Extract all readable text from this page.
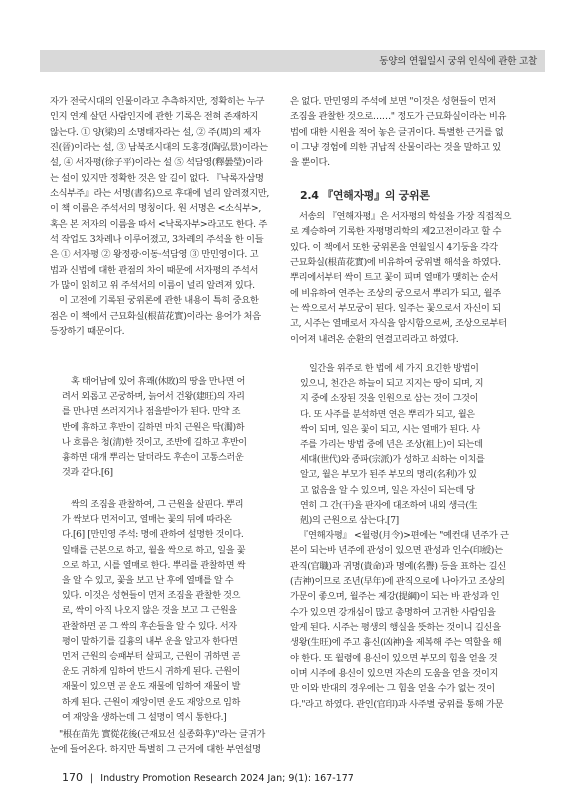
동양의 연월일시 궁위 인식에 관한 고찰
자가 전국시대의 인물이라고 추측하지만, 정확히는 누구
인지 연계 살던 사람인지에 관한 기록은 전혀 존재하지
않는다. ① 양(梁)의 소명태자라는 설, ② 주(周)의 제자
진(晉)이라는 설, ③ 남북조시대의 도홍경(陶弘景)이라는
설, ④ 서자평(徐子平)이라는 설 ⑤ 석담영(釋曇瑩)이라
는 설이 있지만 정확한 것은 알 길이 없다. 『낙록자삼명
소식부주』라는 서명(書名)으로 후대에 널리 알려졌지만,
이 책 이름은 주석서의 명칭이다. 원 서명은 <소식부>,
혹은 본 저자의 이름을 따서 <낙록자부>라고도 한다. 주
석 작업도 3차례나 이루어졌고, 3차례의 주석을 한 이들
은 ① 서자평 ② 왕정광·이동·석담영 ③ 만민영이다. 고
법과 신법에 대한 관점의 차이 때문에 서자평의 주석서
가 많이 읽히고 위 주석서의 이름이 널리 알려져 있다.
이 고전에 기록된 궁위론에 관한 내용이 특히 중요한
점은 이 책에서 근묘화실(根苗花實)이라는 용어가 처음
등장하기 때문이다.
혹 태어남에 있어 휴쾌(休敗)의 땅을 만나면 어
려서 외롭고 곤궁하며, 늙어서 건왕(建旺)의 자리
를 만나면 쓰러지거나 점을받아가 된다. 만약 조
반에 휴하고 후반이 길하면 마치 근원은 탁(濁)하
나 흐름은 청(淸)한 것이고, 조반에 길하고 후반이
흉하면 대개 뿌리는 달더라도 후손이 고통스러운
것과 같다.[6]
싹의 조짐을 관찰하여, 그 근원을 살핀다. 뿌리
가 싹보다 먼저이고, 열매는 꽃의 뒤에 따라온
다.[6] [만민영 주석: 명에 관하여 설명한 것이다.
일태를 근본으로 하고, 월을 싹으로 하고, 일을 꽃
으로 하고, 시를 열매로 한다. 뿌리를 관찰하면 싹
을 알 수 있고, 꽃을 보고 난 후에 열매를 알 수
있다. 이것은 성현들이 먼저 조짐을 관찰한 것으
로, 싹이 아직 나오지 않은 것을 보고 그 근원을
관찰하면 곧 그 싹의 후손들을 알 수 있다. 서자
평이 말하기를 길흉의 내부 운을 알고자 한다면
먼저 근원의 승패부터 살피고, 근원이 귀하면 곧
운도 귀하게 임하여 반드시 귀하게 된다. 근원이
재물이 있으면 곧 운도 재물에 임하여 재물이 발
하게 된다. 근원이 재앙이면 운도 재앙으로 임하
여 재앙을 생하는데 그 설명이 역시 통한다.]
"根在苗先 實從花後(근재묘선 실종화후)"라는 글귀가
눈에 들어온다. 하지만 특별히 그 근거에 대한 부연설명
은 없다. 만민영의 주석에 보면 "이것은 성현들이 먼저
조짐을 관찰한 것으로……" 정도가 근묘화실이라는 비유
법에 대한 시원을 적어 놓은 글귀이다. 특별한 근거를 없
이 그냥 경험에 의한 귀납적 산물이라는 것을 말하고 있
을 뿐이다.
2.4 『연해자평』의 궁위론
서송의 『연해자평』은 서자평의 학설을 가장 직접적으
로 계승하여 기록한 자평명리학의 제2고전이라고 할 수
있다. 이 책에서 또한 궁위론을 연월일시 4기둥을 각각
근묘화실(根苗花實)에 비유하여 궁위별 해석을 하였다.
뿌리에서부터 싹이 트고 꽃이 피며 열매가 맺히는 순서
에 비유하여 연주는 조상의 궁으로서 뿌리가 되고, 월주
는 싹으로서 부모궁이 된다. 일주는 꽃으로서 자신이 되
고, 시주는 열매로서 자식을 암시함으로써, 조상으로부터
이어져 내려온 순환의 연결고리라고 하였다.
일간을 위주로 한 법에 세 가지 요긴한 방법이
있으니, 천간은 하늘이 되고 지지는 땅이 되며, 지
지 중에 소장된 것을 인원으로 삼는 것이 그것이
다. 또 사주를 분석하면 연은 뿌리가 되고, 월은
싹이 되며, 일은 꽃이 되고, 시는 열매가 된다. 사
주를 가리는 방법 중에 년은 조상(祖上)이 되는데
세대(世代)와 종파(宗派)가 성하고 쇠하는 이치를
알고, 월은 부모가 된주 부모의 명리(名利)가 있
고 없음을 알 수 있으며, 일은 자신이 되는데 당
연히 그 간(干)을 판자에 대조하여 내외 생극(生
剋)의 근원으로 삼는다.[7]
『연해자평』 <월령(月令)>편에는 "예컨대 년주가 근
본이 되는바 년주에 관성이 있으면 관성과 인수(印綬)는
관직(官職)과 귀명(貴命)과 명예(名譽) 등을 표하는 길신
(吉神)이므로 조년(早年)에 관직으로에 나아가고 조상의
가문이 좋으며, 월주는 제강(提綱)이 되는 바 관성과 인
수가 있으면 강개심이 많고 총명하여 고귀한 사람임을
알게 된다. 시주는 평생의 행실을 뜻하는 것이니 길신을
생왕(生旺)에 주고 흉신(凶神)을 제복해 주는 역할을 해
야 한다. 또 월령에 용신이 있으면 부모의 힘을 얻을 것
이며 시주에 용신이 있으면 자손의 도움을 얻을 것이지
만 이와 반대의 경우에는 그 힘을 얻을 수가 없는 것이
다."라고 하였다. 관인(官印)과 사주별 궁위를 통해 가문
170 | Industry Promotion Research 2024 Jan; 9(1): 167-177
